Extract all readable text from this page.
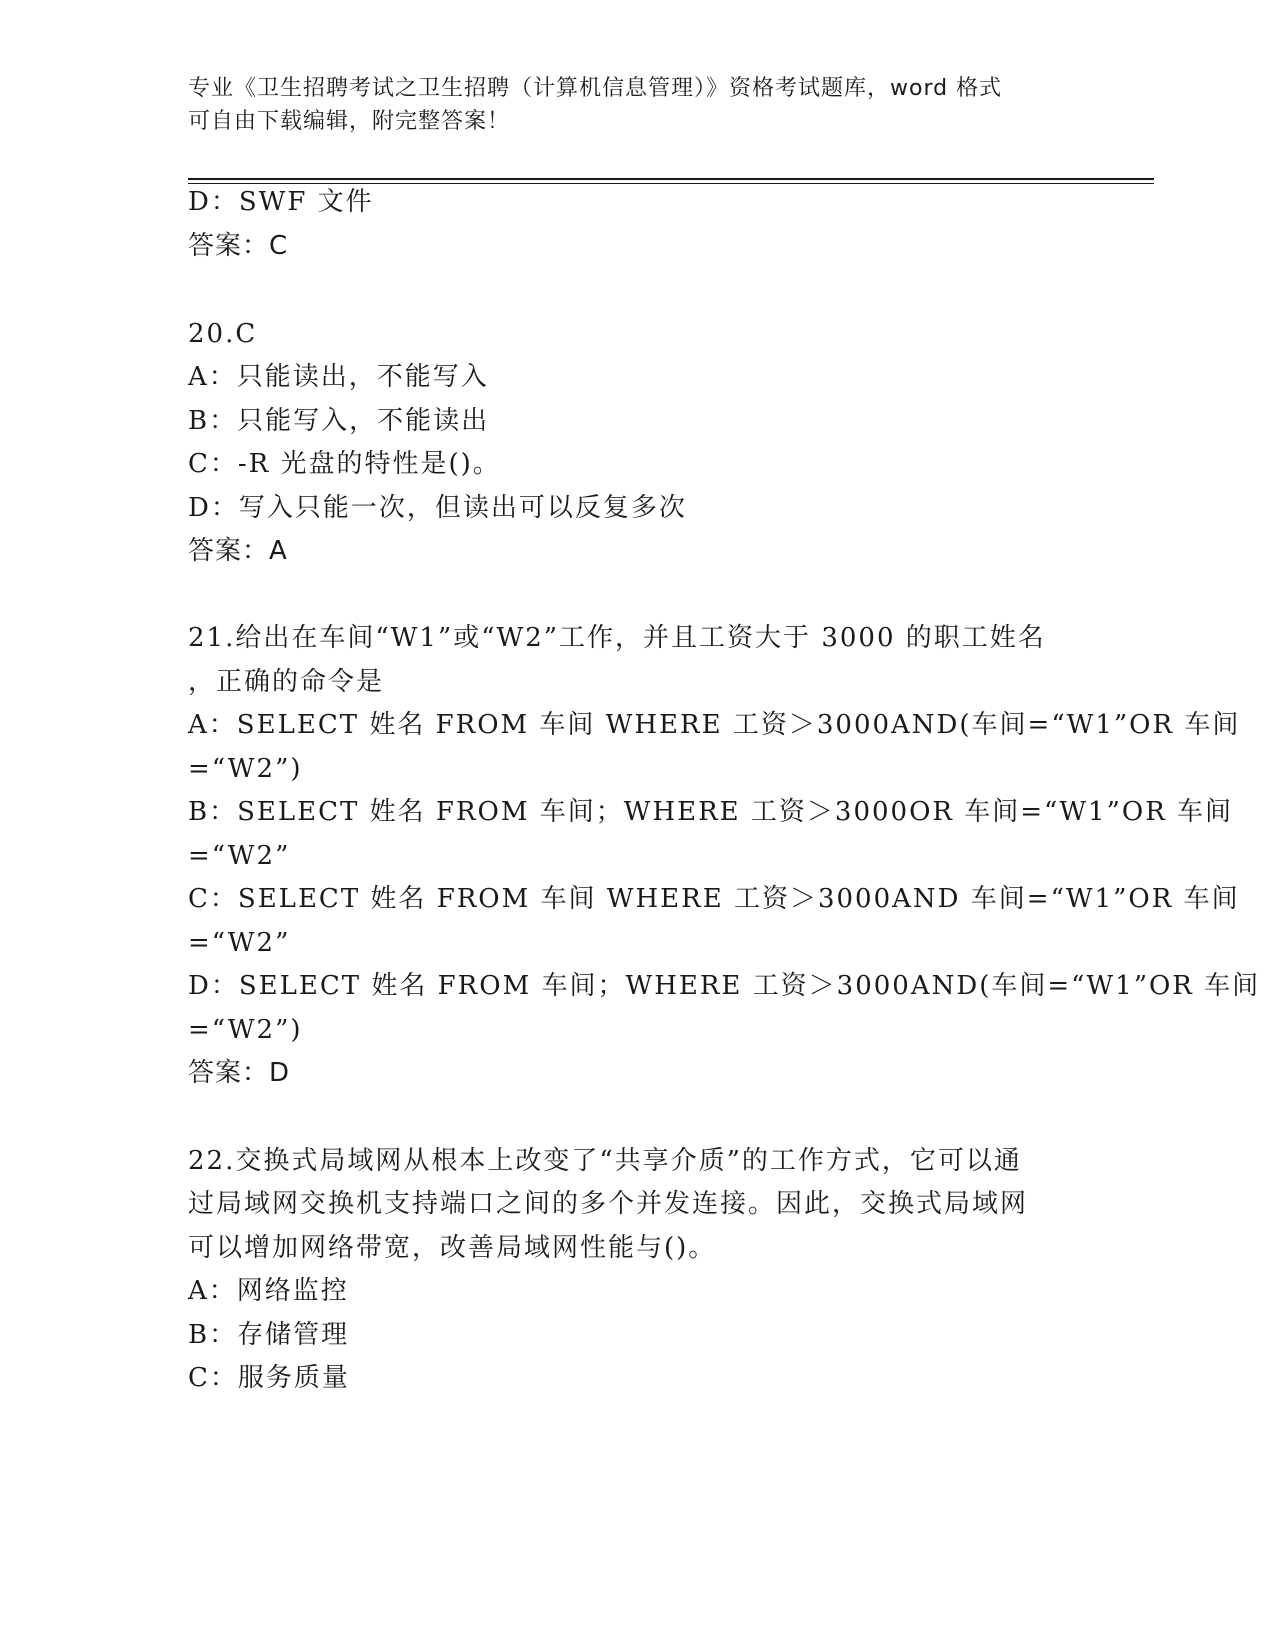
专业《卫生招聘考试之卫生招聘（计算机信息管理）》资格考试题库，word 格式
可自由下载编辑，附完整答案！
D：SWF 文件
答案：C
20.C
A：只能读出，不能写入
B：只能写入，不能读出
C：-R 光盘的特性是()。
D：写入只能一次，但读出可以反复多次
答案：A
21.给出在车间“W1”或“W2”工作，并且工资大于 3000 的职工姓名
，正确的命令是
A：SELECT 姓名 FROM 车间 WHERE 工资＞3000AND(车间=“W1”OR 车间
=“W2”)
B：SELECT 姓名 FROM 车间；WHERE 工资＞3000OR 车间=“W1”OR 车间
=“W2”
C：SELECT 姓名 FROM 车间 WHERE 工资＞3000AND 车间=“W1”OR 车间
=“W2”
D：SELECT 姓名 FROM 车间；WHERE 工资＞3000AND(车间=“W1”OR 车间
=“W2”)
答案：D
22.交换式局域网从根本上改变了“共享介质”的工作方式，它可以通
过局域网交换机支持端口之间的多个并发连接。因此，交换式局域网
可以增加网络带宽，改善局域网性能与()。
A：网络监控
B：存储管理
C：服务质量
